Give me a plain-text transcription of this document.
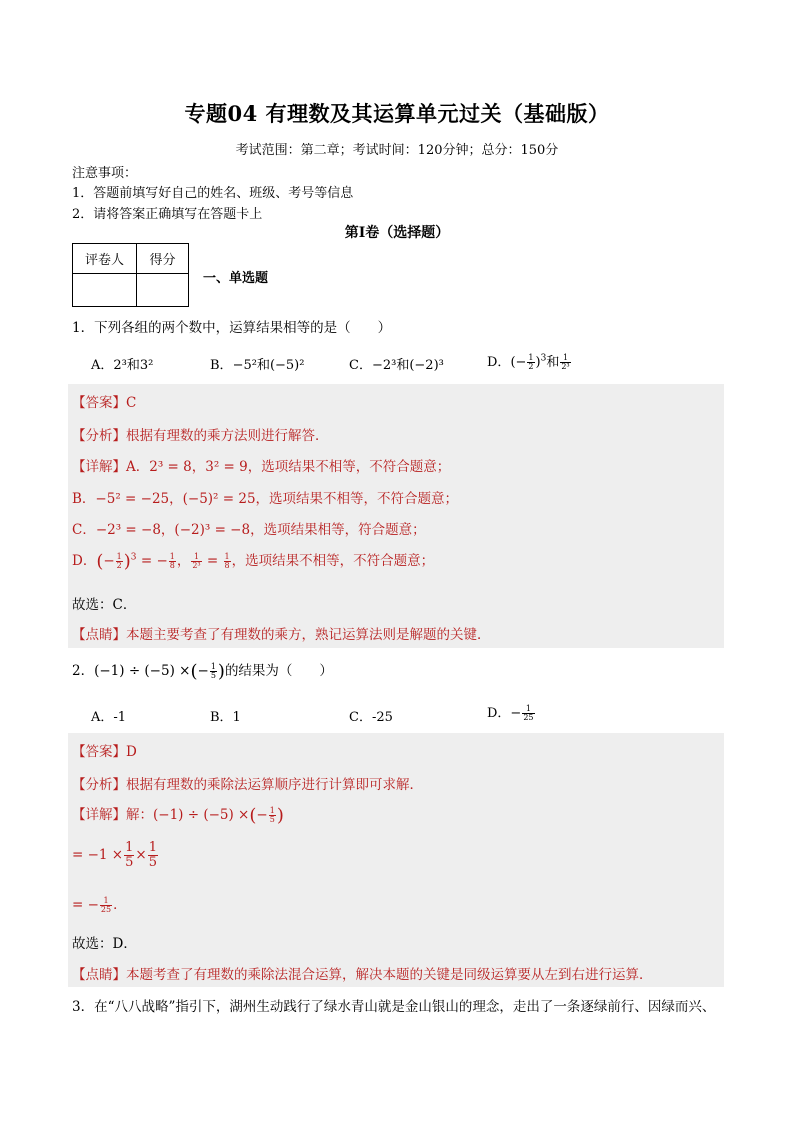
专题04 有理数及其运算单元过关（基础版）
考试范围：第二章；考试时间：120分钟；总分：150分
注意事项：
1．答题前填写好自己的姓名、班级、考号等信息
2．请将答案正确填写在答题卡上
第I卷（选择题）
评卷人	得分

一、单选题
1．下列各组的两个数中，运算结果相等的是（　　）
A．2³和3²	B．−5²和(−5)²	C．−2³和(−2)³	D．(− $\frac{1}{2} )^3$和 $\frac{1}{\text{2³}}$
【答案】C
【分析】根据有理数的乘方法则进行解答．
【详解】A．2³ = 8，3² = 9，选项结果不相等，不符合题意；
B．−5² = −25，(−5)² = 25，选项结果不相等，不符合题意；
C．−2³ = −8，(−2)³ = −8，选项结果相等，符合题意；
D．(− $\frac{1}{2} )^3$ = − $\frac{1}{8}$ ， $\frac{1}{\text{2³}} = \frac{1}{8}$ ，选项结果不相等，不符合题意；
故选：C．
【点睛】本题主要考查了有理数的乘方，熟记运算法则是解题的关键．
2．(−1) ÷ (−5) ×(− $\frac{1}{5}$ )的结果为（　　）
A．-1	B．1	C．-25	D．− $\frac{1}{25}$
【答案】D
【分析】根据有理数的乘除法运算顺序进行计算即可求解．
【详解】解：(−1) ÷ (−5) ×(− $\frac{1}{5}$ )
= $-1 \times \frac{1}{5} \times \frac{1}{5}$
= − $\frac{1}{25}$ ．
故选：D．
【点睛】本题考查了有理数的乘除法混合运算，解决本题的关键是同级运算要从左到右进行运算．
3．在“八八战略”指引下，湖州生动践行了绿水青山就是金山银山的理念，走出了一条逐绿前行、因绿而兴、
